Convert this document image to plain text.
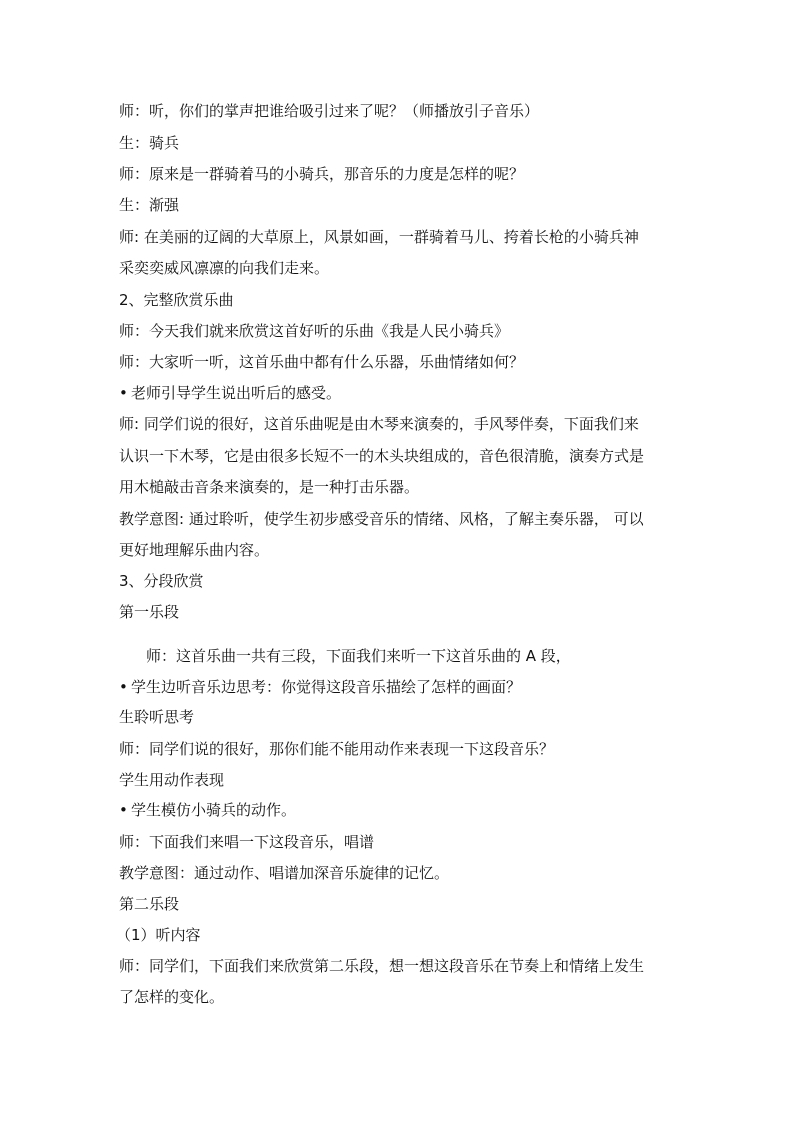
师：听，你们的掌声把谁给吸引过来了呢？（师播放引子音乐）
生：骑兵
师：原来是一群骑着马的小骑兵，那音乐的力度是怎样的呢？
生：渐强
师: 在美丽的辽阔的大草原上，风景如画，一群骑着马儿、挎着长枪的小骑兵神
采奕奕威风凛凛的向我们走来。
2、完整欣赏乐曲
师：今天我们就来欣赏这首好听的乐曲《我是人民小骑兵》
师：大家听一听，这首乐曲中都有什么乐器，乐曲情绪如何？
• 老师引导学生说出听后的感受。
师: 同学们说的很好，这首乐曲呢是由木琴来演奏的，手风琴伴奏，下面我们来
认识一下木琴，它是由很多长短不一的木头块组成的，音色很清脆，演奏方式是
用木槌敲击音条来演奏的，是一种打击乐器。
教学意图: 通过聆听，使学生初步感受音乐的情绪、风格，了解主奏乐器， 可以
更好地理解乐曲内容。
3、分段欣赏
第一乐段
师：这首乐曲一共有三段，下面我们来听一下这首乐曲的 A 段，
• 学生边听音乐边思考：你觉得这段音乐描绘了怎样的画面？
生聆听思考
师：同学们说的很好，那你们能不能用动作来表现一下这段音乐？
学生用动作表现
• 学生模仿小骑兵的动作。
师：下面我们来唱一下这段音乐，唱谱
教学意图：通过动作、唱谱加深音乐旋律的记忆。
第二乐段
（1）听内容
师：同学们，下面我们来欣赏第二乐段，想一想这段音乐在节奏上和情绪上发生
了怎样的变化。
